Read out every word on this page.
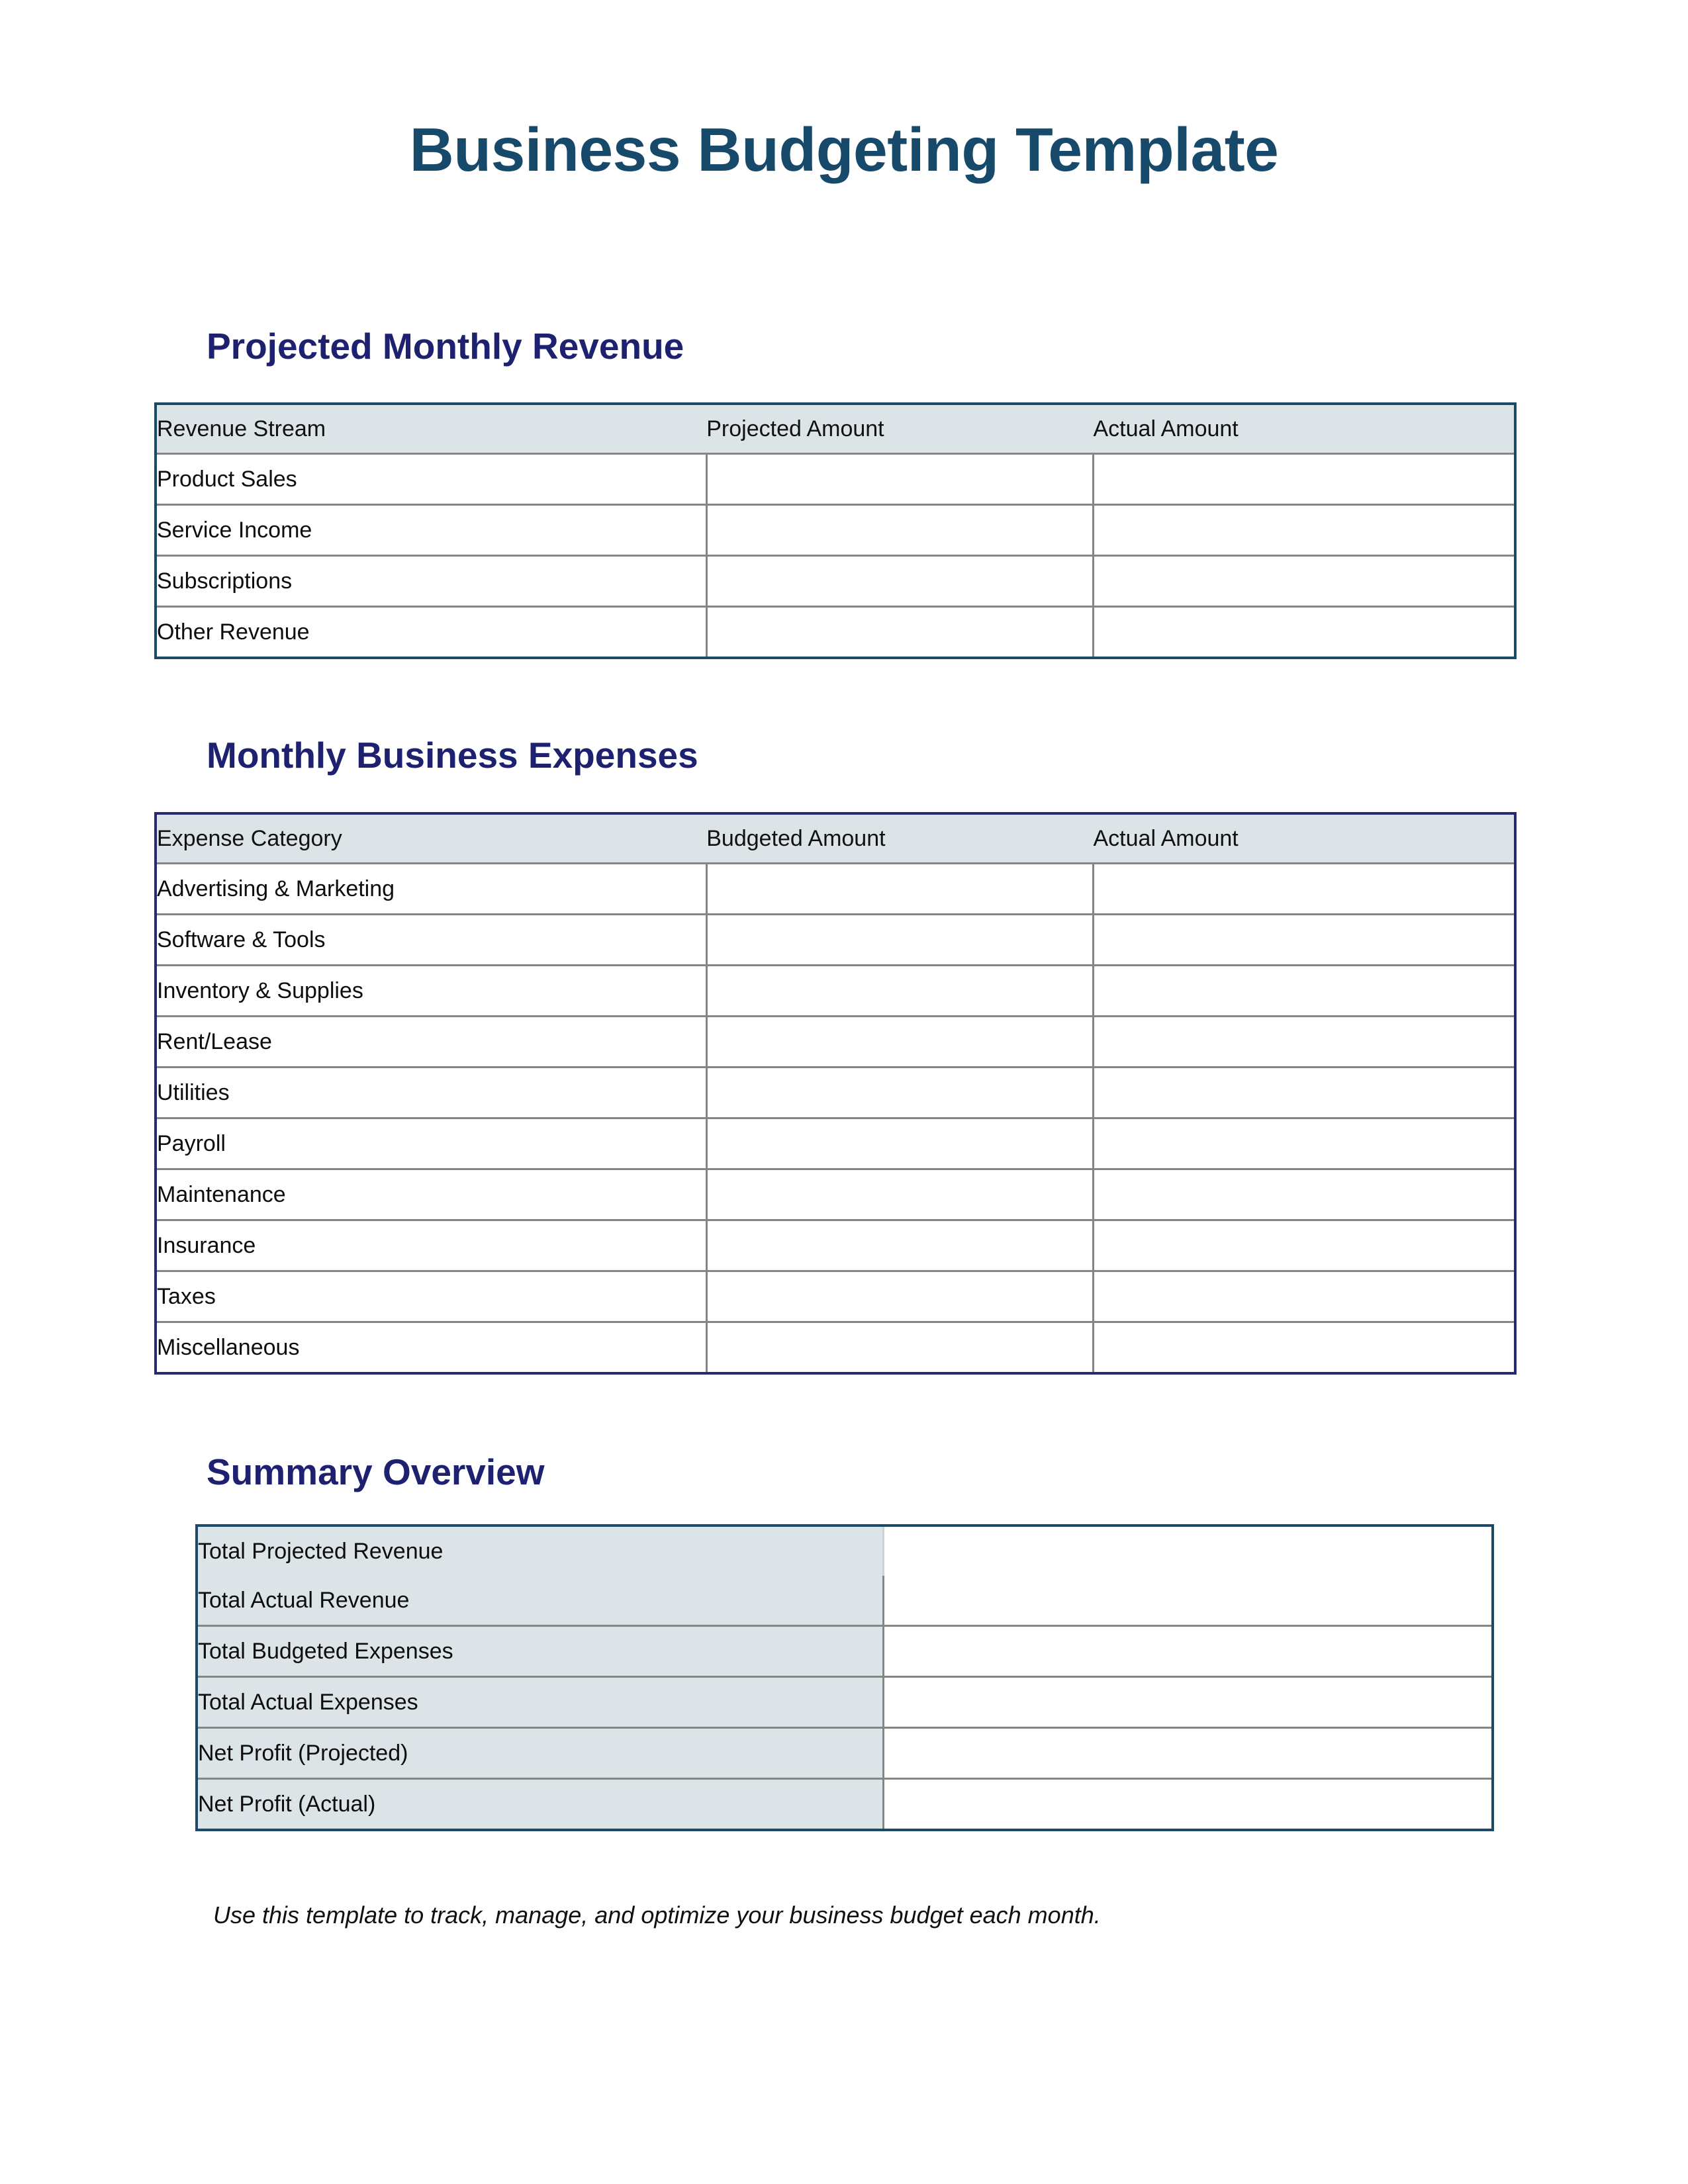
Business Budgeting Template
Projected Monthly Revenue
Revenue Stream	Projected Amount	Actual Amount
Product Sales		
Service Income		
Subscriptions		
Other Revenue		
Monthly Business Expenses
Expense Category	Budgeted Amount	Actual Amount
Advertising & Marketing		
Software & Tools		
Inventory & Supplies		
Rent/Lease		
Utilities		
Payroll		
Maintenance		
Insurance		
Taxes		
Miscellaneous		
Summary Overview
Total Projected Revenue	
Total Actual Revenue	
Total Budgeted Expenses	
Total Actual Expenses	
Net Profit (Projected)	
Net Profit (Actual)	
Use this template to track, manage, and optimize your business budget each month.
